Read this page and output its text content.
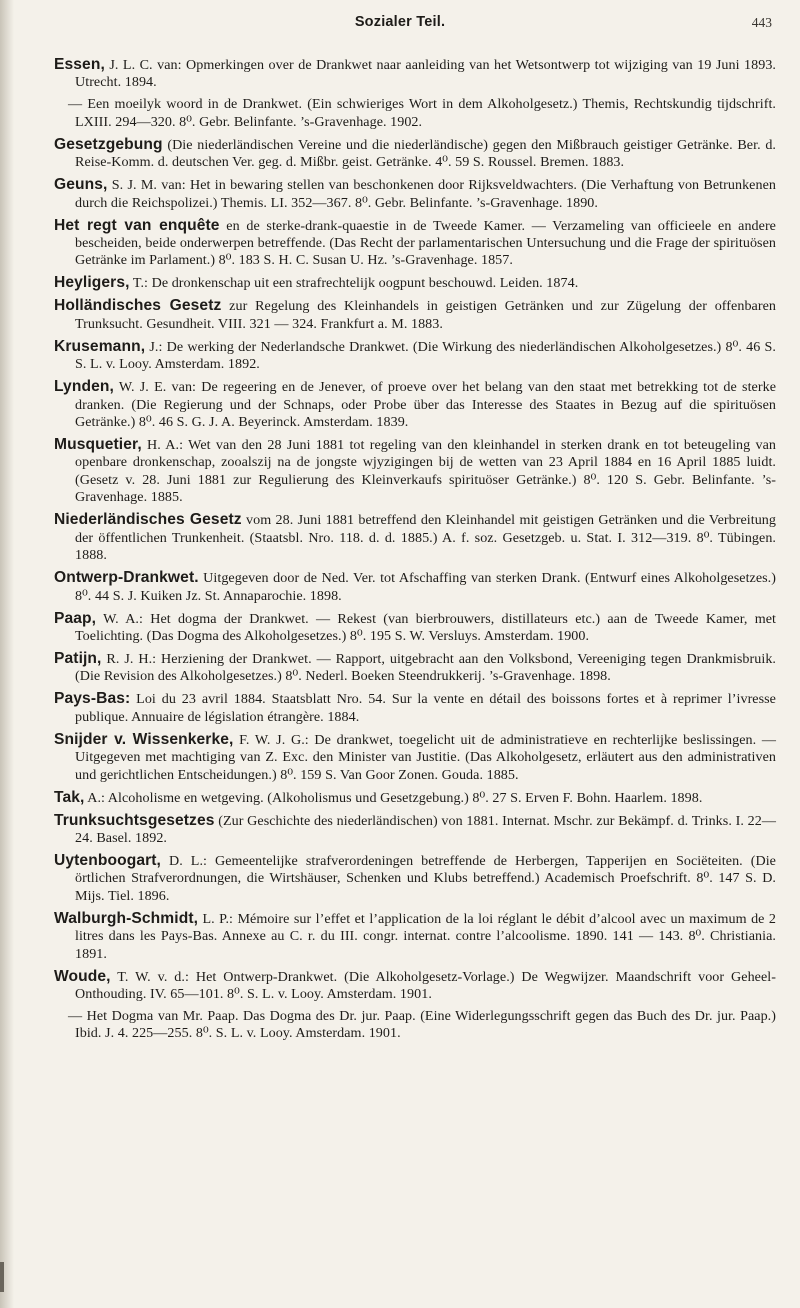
Sozialer Teil.	443

Essen, J. L. C. van: Opmerkingen over de Drankwet naar aanleiding van het Wetsontwerp tot wijziging van 19 Juni 1893. Utrecht. 1894.

— Een moeilyk woord in de Drankwet. (Ein schwieriges Wort in dem Alkoholgesetz.) Themis, Rechtskundig tijdschrift. LXIII. 294—320. 8⁰. Gebr. Belinfante. ’s-Gravenhage. 1902.

Gesetzgebung (Die niederländischen Vereine und die niederländische) gegen den Mißbrauch geistiger Getränke. Ber. d. Reise-Komm. d. deutschen Ver. geg. d. Mißbr. geist. Getränke. 4⁰. 59 S. Roussel. Bremen. 1883.

Geuns, S. J. M. van: Het in bewaring stellen van beschonkenen door Rijksveldwachters. (Die Verhaftung von Betrunkenen durch die Reichspolizei.) Themis. LI. 352—367. 8⁰. Gebr. Belinfante. ’s-Gravenhage. 1890.

Het regt van enquête en de sterke-drank-quaestie in de Tweede Kamer. — Verzameling van officieele en andere bescheiden, beide onderwerpen betreffende. (Das Recht der parlamentarischen Untersuchung und die Frage der spirituösen Getränke im Parlament.) 8⁰. 183 S. H. C. Susan U. Hz. ’s-Gravenhage. 1857.

Heyligers, T.: De dronkenschap uit een strafrechtelijk oogpunt beschouwd. Leiden. 1874.

Holländisches Gesetz zur Regelung des Kleinhandels in geistigen Getränken und zur Zügelung der offenbaren Trunksucht. Gesundheit. VIII. 321 — 324. Frankfurt a. M. 1883.

Krusemann, J.: De werking der Nederlandsche Drankwet. (Die Wirkung des niederländischen Alkoholgesetzes.) 8⁰. 46 S. S. L. v. Looy. Amsterdam. 1892.

Lynden, W. J. E. van: De regeering en de Jenever, of proeve over het belang van den staat met betrekking tot de sterke dranken. (Die Regierung und der Schnaps, oder Probe über das Interesse des Staates in Bezug auf die spirituösen Getränke.) 8⁰. 46 S. G. J. A. Beyerinck. Amsterdam. 1839.

Musquetier, H. A.: Wet van den 28 Juni 1881 tot regeling van den kleinhandel in sterken drank en tot beteugeling van openbare dronkenschap, zooalszij na de jongste wjyzigingen bij de wetten van 23 April 1884 en 16 April 1885 luidt. (Gesetz v. 28. Juni 1881 zur Regulierung des Kleinverkaufs spirituöser Getränke.) 8⁰. 120 S. Gebr. Belinfante. ’s-Gravenhage. 1885.

Niederländisches Gesetz vom 28. Juni 1881 betreffend den Kleinhandel mit geistigen Getränken und die Verbreitung der öffentlichen Trunkenheit. (Staatsbl. Nro. 118. d. d. 1885.) A. f. soz. Gesetzgeb. u. Stat. I. 312—319. 8⁰. Tübingen. 1888.

Ontwerp-Drankwet. Uitgegeven door de Ned. Ver. tot Afschaffing van sterken Drank. (Entwurf eines Alkoholgesetzes.) 8⁰. 44 S. J. Kuiken Jz. St. Annaparochie. 1898.

Paap, W. A.: Het dogma der Drankwet. — Rekest (van bierbrouwers, distillateurs etc.) aan de Tweede Kamer, met Toelichting. (Das Dogma des Alkoholgesetzes.) 8⁰. 195 S. W. Versluys. Amsterdam. 1900.

Patijn, R. J. H.: Herziening der Drankwet. — Rapport, uitgebracht aan den Volksbond, Vereeniging tegen Drankmisbruik. (Die Revision des Alkoholgesetzes.) 8⁰. Nederl. Boeken Steendrukkerij. ’s-Gravenhage. 1898.

Pays-Bas: Loi du 23 avril 1884. Staatsblatt Nro. 54. Sur la vente en détail des boissons fortes et à reprimer l’ivresse publique. Annuaire de législation étrangère. 1884.

Snijder v. Wissenkerke, F. W. J. G.: De drankwet, toegelicht uit de administratieve en rechterlijke beslissingen. — Uitgegeven met machtiging van Z. Exc. den Minister van Justitie. (Das Alkoholgesetz, erläutert aus den administrativen und gerichtlichen Entscheidungen.) 8⁰. 159 S. Van Goor Zonen. Gouda. 1885.

Tak, A.: Alcoholisme en wetgeving. (Alkoholismus und Gesetzgebung.) 8⁰. 27 S. Erven F. Bohn. Haarlem. 1898.

Trunksuchtsgesetzes (Zur Geschichte des niederländischen) von 1881. Internat. Mschr. zur Bekämpf. d. Trinks. I. 22—24. Basel. 1892.

Uytenboogart, D. L.: Gemeentelijke strafverordeningen betreffende de Herbergen, Tapperijen en Sociëteiten. (Die örtlichen Strafverordnungen, die Wirtshäuser, Schenken und Klubs betreffend.) Academisch Proefschrift. 8⁰. 147 S. D. Mijs. Tiel. 1896.

Walburgh-Schmidt, L. P.: Mémoire sur l’effet et l’application de la loi réglant le débit d’alcool avec un maximum de 2 litres dans les Pays-Bas. Annexe au C. r. du III. congr. internat. contre l’alcoolisme. 1890. 141 — 143. 8⁰. Christiania. 1891.

Woude, T. W. v. d.: Het Ontwerp-Drankwet. (Die Alkoholgesetz-Vorlage.) De Wegwijzer. Maandschrift voor Geheel-Onthouding. IV. 65—101. 8⁰. S. L. v. Looy. Amsterdam. 1901.

— Het Dogma van Mr. Paap. Das Dogma des Dr. jur. Paap. (Eine Widerlegungsschrift gegen das Buch des Dr. jur. Paap.) Ibid. J. 4. 225—255. 8⁰. S. L. v. Looy. Amsterdam. 1901.
